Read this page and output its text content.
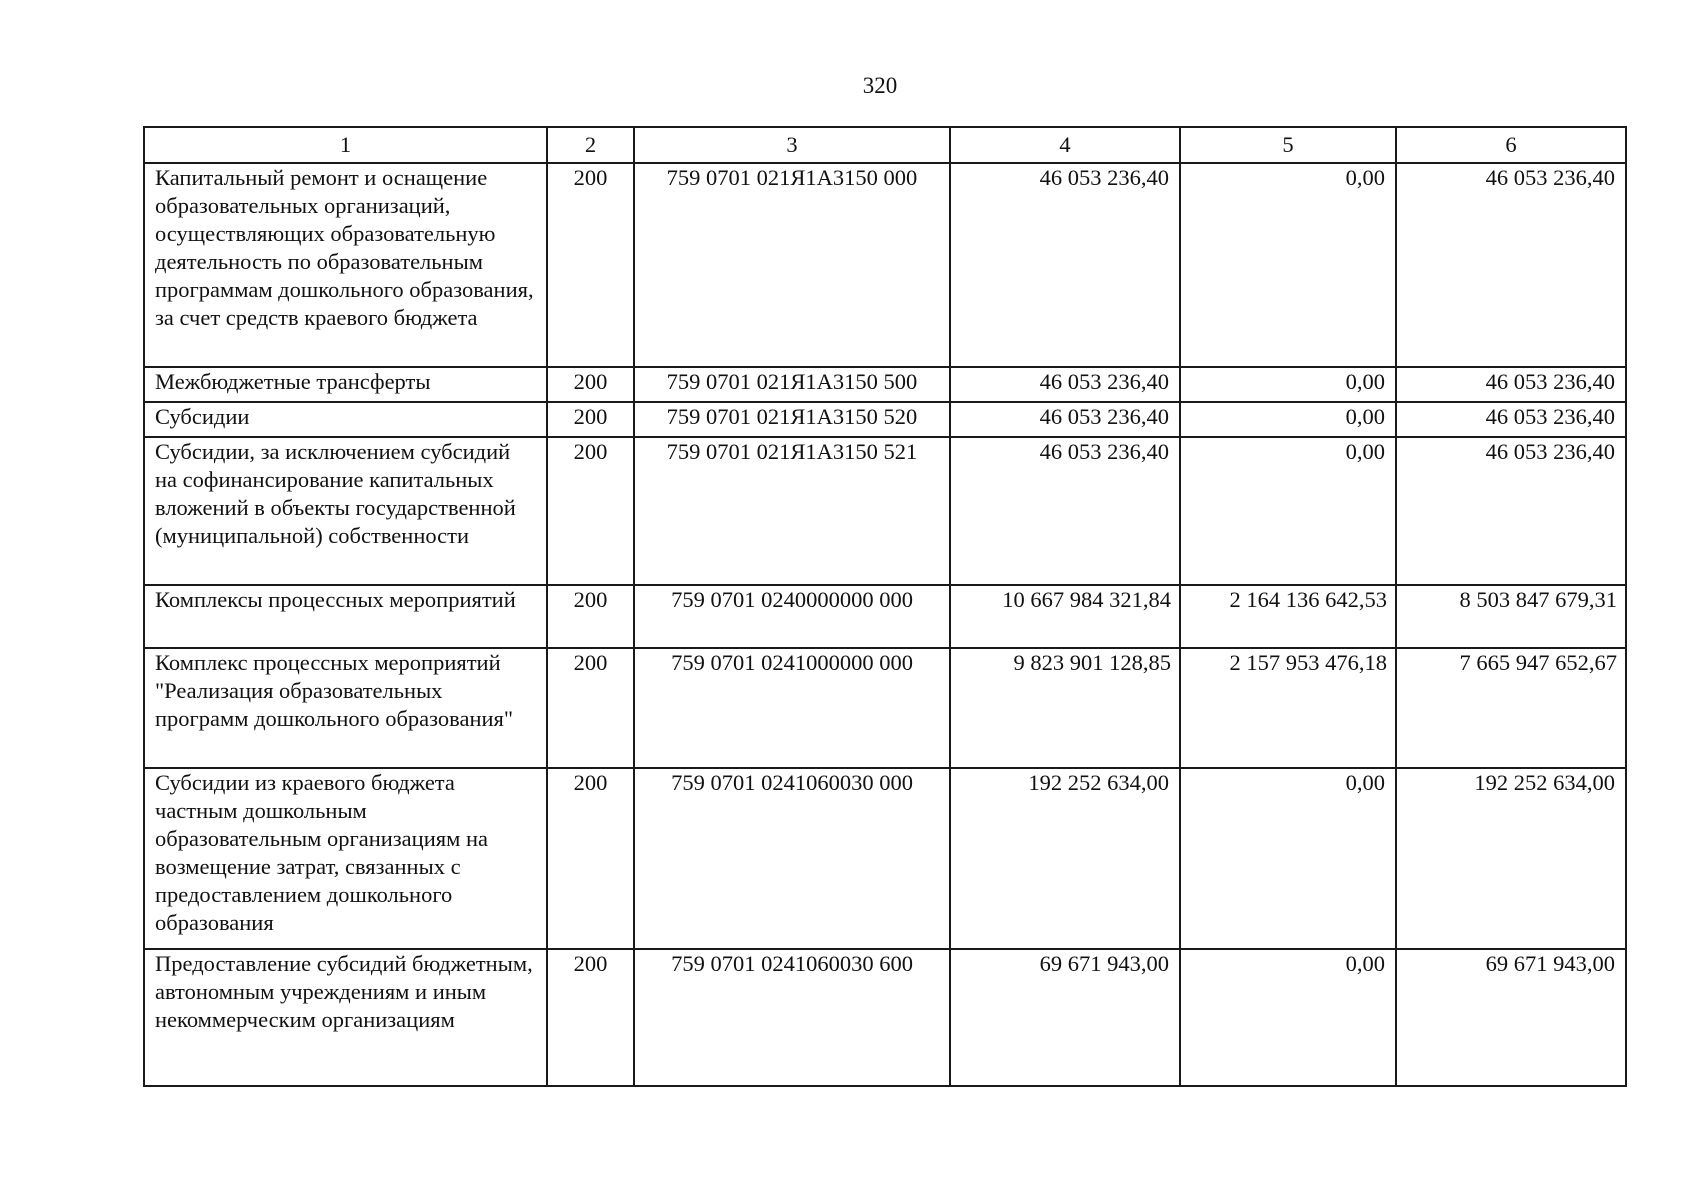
320
1	2	3	4	5	6
Капитальный ремонт и оснащение образовательных организаций, осуществляющих образовательную деятельность по образовательным программам дошкольного образования, за счет средств краевого бюджета	200	759 0701 021Я1А3150 000	46 053 236,40	0,00	46 053 236,40
Межбюджетные трансферты	200	759 0701 021Я1А3150 500	46 053 236,40	0,00	46 053 236,40
Субсидии	200	759 0701 021Я1А3150 520	46 053 236,40	0,00	46 053 236,40
Субсидии, за исключением субсидий на софинансирование капитальных вложений в объекты государственной (муниципальной) собственности	200	759 0701 021Я1А3150 521	46 053 236,40	0,00	46 053 236,40
Комплексы процессных мероприятий	200	759 0701 0240000000 000	10 667 984 321,84	2 164 136 642,53	8 503 847 679,31
Комплекс процессных мероприятий "Реализация образовательных программ дошкольного образования"	200	759 0701 0241000000 000	9 823 901 128,85	2 157 953 476,18	7 665 947 652,67
Субсидии из краевого бюджета частным дошкольным образовательным организациям на возмещение затрат, связанных с предоставлением дошкольного образования	200	759 0701 0241060030 000	192 252 634,00	0,00	192 252 634,00
Предоставление субсидий бюджетным, автономным учреждениям и иным некоммерческим организациям	200	759 0701 0241060030 600	69 671 943,00	0,00	69 671 943,00
